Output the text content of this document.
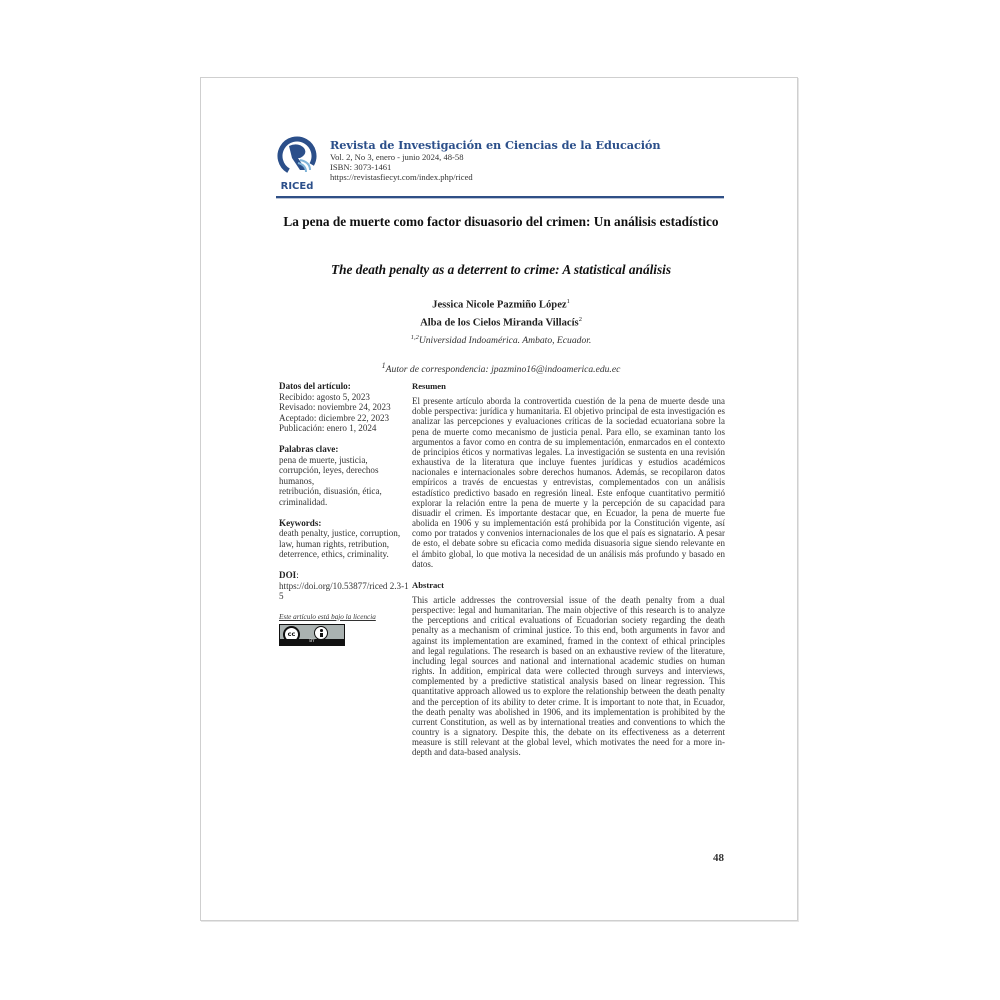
RICEd
Revista de Investigación en Ciencias de la Educación
Vol. 2, No 3, enero - junio 2024, 48-58
ISBN: 3073-1461
https://revistasfiecyt.com/index.php/riced
La pena de muerte como factor disuasorio del crimen: Un análisis estadístico
The death penalty as a deterrent to crime: A statistical análisis
Jessica Nicole Pazmiño López$^1$
Alba de los Cielos Miranda Villacís$^2$
$^{1,2}$Universidad Indoamérica. Ambato, Ecuador.
$^1$Autor de correspondencia: jpazmino16@indoamerica.edu.ec
Datos del artículo:
Recibido: agosto 5, 2023
Revisado: noviembre 24, 2023
Aceptado: diciembre 22, 2023
Publicación: enero 1, 2024
Palabras clave:
pena de muerte, justicia, corrupción, leyes, derechos humanos,
retribución, disuasión, ética, criminalidad.
Keywords:
death penalty, justice, corruption, law, human rights, retribution, deterrence, ethics, criminality.
DOI:
https://doi.org/10.53877/riced 2.3-15
Este artículo está bajo la licencia
cc
BY
Resumen

El presente artículo aborda la controvertida cuestión de la pena de muerte desde una doble perspectiva: jurídica y humanitaria. El objetivo principal de esta investigación es analizar las percepciones y evaluaciones críticas de la sociedad ecuatoriana sobre la pena de muerte como mecanismo de justicia penal. Para ello, se examinan tanto los argumentos a favor como en contra de su implementación, enmarcados en el contexto de principios éticos y normativas legales. La investigación se sustenta en una revisión exhaustiva de la literatura que incluye fuentes jurídicas y estudios académicos nacionales e internacionales sobre derechos humanos. Además, se recopilaron datos empíricos a través de encuestas y entrevistas, complementados con un análisis estadístico predictivo basado en regresión lineal. Este enfoque cuantitativo permitió explorar la relación entre la pena de muerte y la percepción de su capacidad para disuadir el crimen. Es importante destacar que, en Ecuador, la pena de muerte fue abolida en 1906 y su implementación está prohibida por la Constitución vigente, así como por tratados y convenios internacionales de los que el país es signatario. A pesar de esto, el debate sobre su eficacia como medida disuasoria sigue siendo relevante en el ámbito global, lo que motiva la necesidad de un análisis más profundo y basado en datos.

Abstract

This article addresses the controversial issue of the death penalty from a dual perspective: legal and humanitarian. The main objective of this research is to analyze the perceptions and critical evaluations of Ecuadorian society regarding the death penalty as a mechanism of criminal justice. To this end, both arguments in favor and against its implementation are examined, framed in the context of ethical principles and legal regulations. The research is based on an exhaustive review of the literature, including legal sources and national and international academic studies on human rights. In addition, empirical data were collected through surveys and interviews, complemented by a predictive statistical analysis based on linear regression. This quantitative approach allowed us to explore the relationship between the death penalty and the perception of its ability to deter crime. It is important to note that, in Ecuador, the death penalty was abolished in 1906, and its implementation is prohibited by the current Constitution, as well as by international treaties and conventions to which the country is a signatory. Despite this, the debate on its effectiveness as a deterrent measure is still relevant at the global level, which motivates the need for a more in-depth and data-based analysis.

48
